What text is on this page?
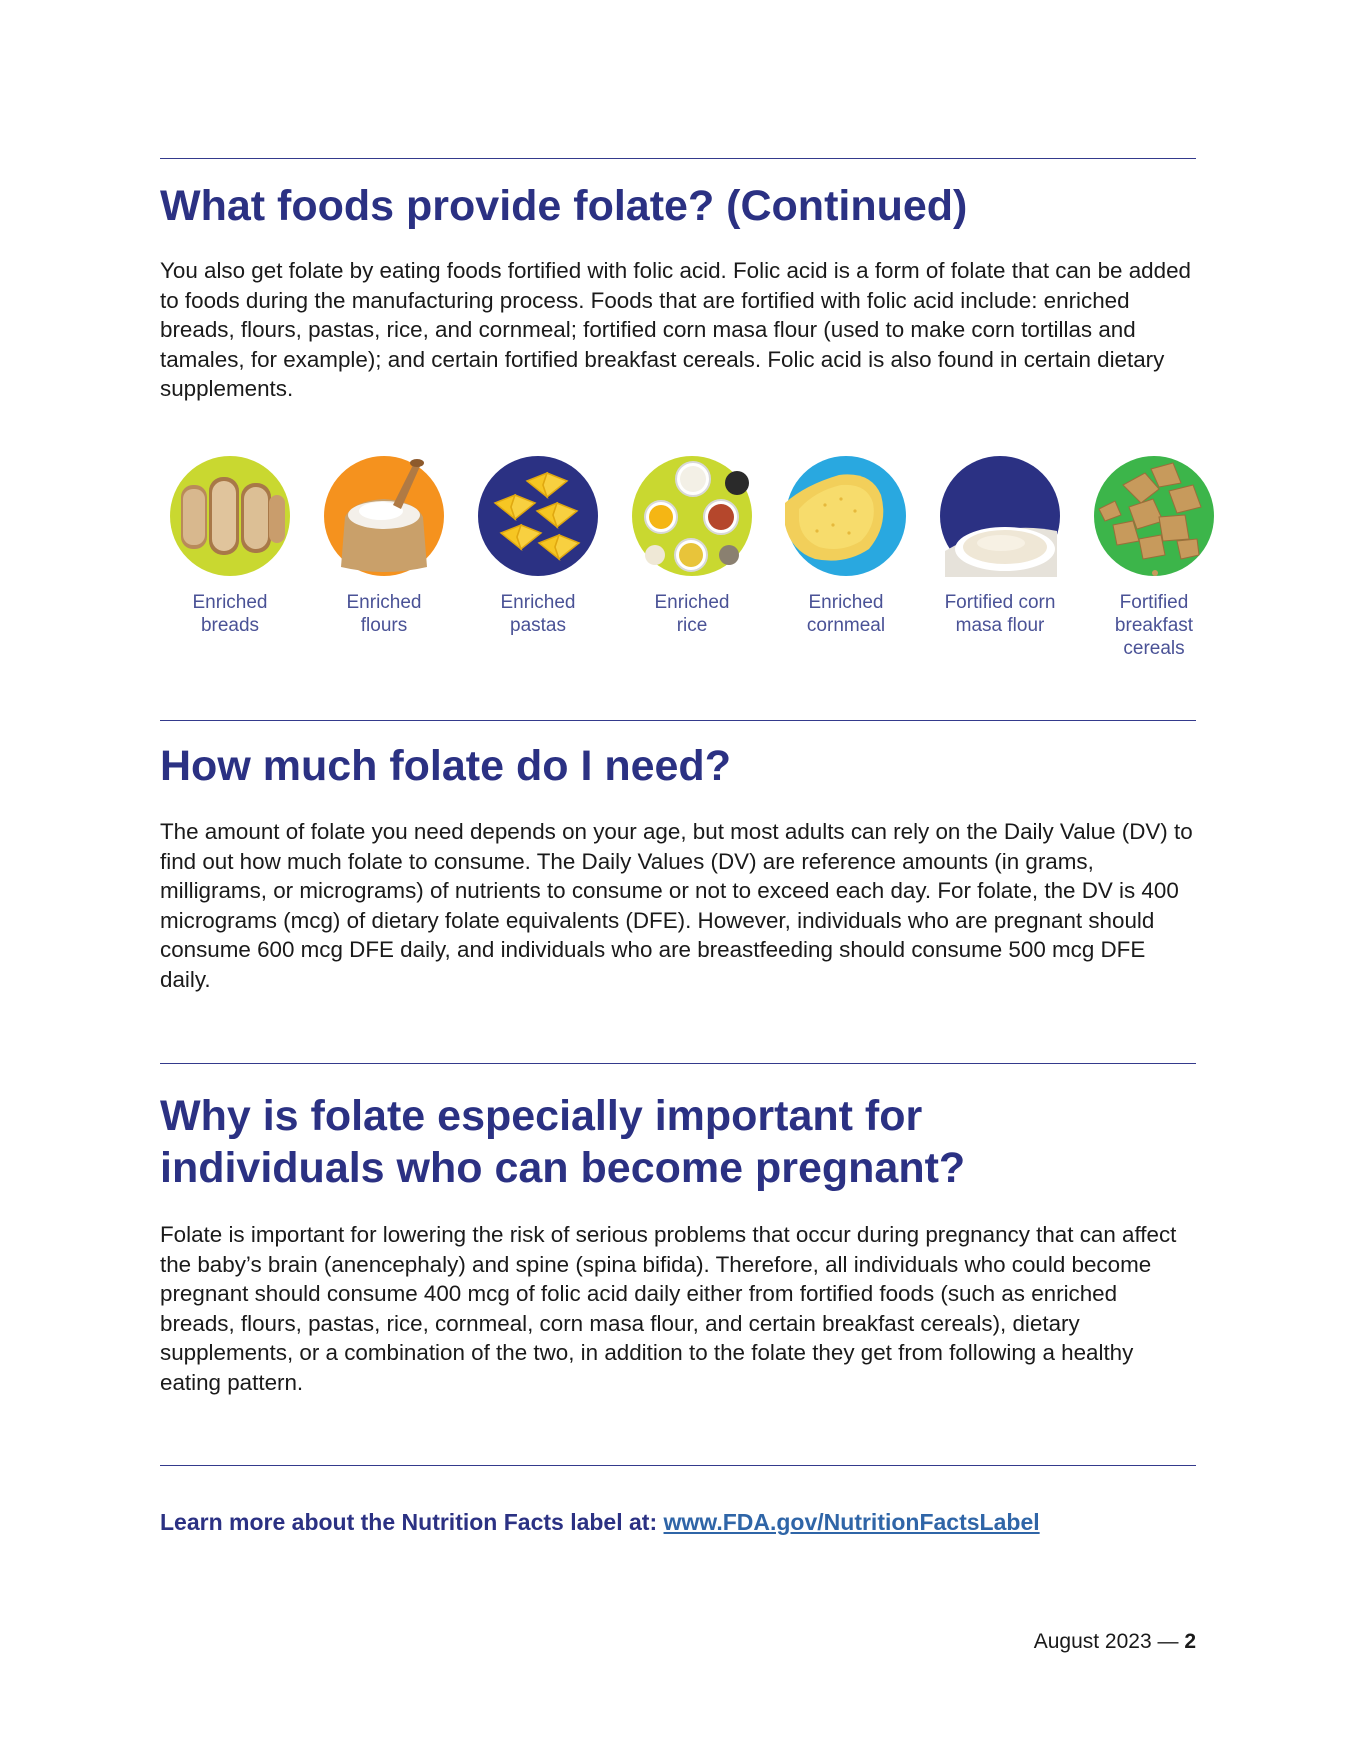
What foods provide folate? (Continued)

You also get folate by eating foods fortified with folic acid. Folic acid is a form of folate that can be added to foods during the manufacturing process. Foods that are fortified with folic acid include: enriched breads, flours, pastas, rice, and cornmeal; fortified corn masa flour (used to make corn tortillas and tamales, for example); and certain fortified breakfast cereals. Folic acid is also found in certain dietary supplements.

Enriched
breads
Enriched
flours
Enriched
pastas
Enriched
rice
Enriched
cornmeal
Fortified corn
masa flour
Fortified
breakfast
cereals
How much folate do I need?

The amount of folate you need depends on your age, but most adults can rely on the Daily Value (DV) to find out how much folate to consume. The Daily Values (DV) are reference amounts (in grams, milligrams, or micrograms) of nutrients to consume or not to exceed each day. For folate, the DV is 400 micrograms (mcg) of dietary folate equivalents (DFE). However, individuals who are pregnant should consume 600 mcg DFE daily, and individuals who are breastfeeding should consume 500 mcg DFE daily.

Why is folate especially important for
individuals who can become pregnant?

Folate is important for lowering the risk of serious problems that occur during pregnancy that can affect the baby’s brain (anencephaly) and spine (spina bifida). Therefore, all individuals who could become pregnant should consume 400 mcg of folic acid daily either from fortified foods (such as enriched breads, flours, pastas, rice, cornmeal, corn masa flour, and certain breakfast cereals), dietary supplements, or a combination of the two, in addition to the folate they get from following a healthy eating pattern.

Learn more about the Nutrition Facts label at: www.FDA.gov/NutritionFactsLabel

August 2023 — 2
